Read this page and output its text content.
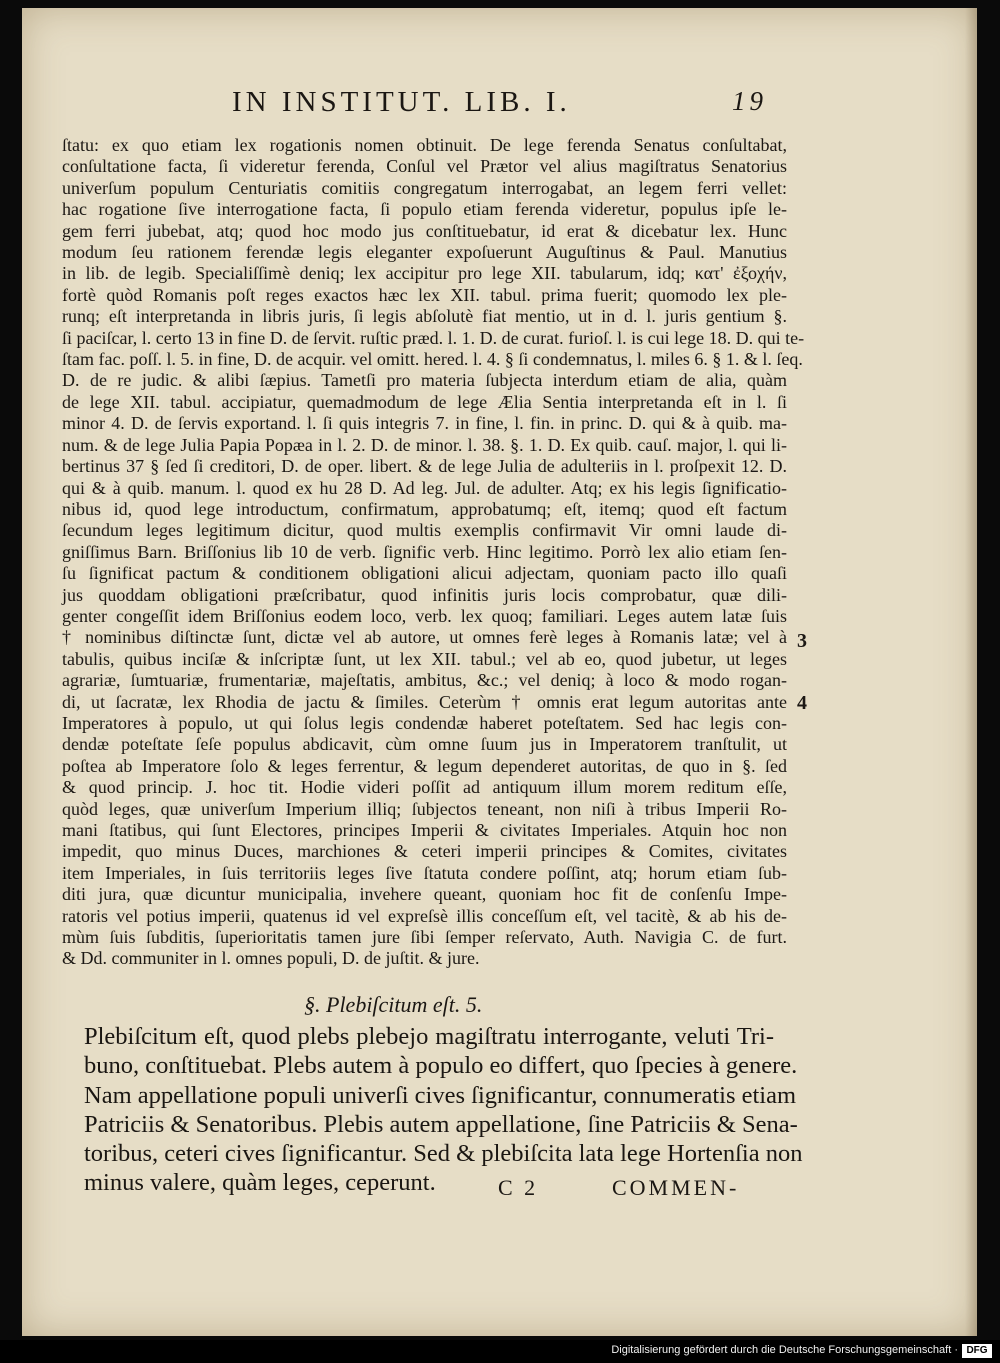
IN INSTITUT. LIB. I.	19

ſtatu: ex quo etiam lex rogationis nomen obtinuit. De lege ferenda Senatus conſultabat,

conſultatione facta, ſi videretur ferenda, Conſul vel Prætor vel alius magiſtratus Senatorius

univerſum populum Centuriatis comitiis congregatum interrogabat, an legem ferri vellet:

hac rogatione ſive interrogatione facta, ſi populo etiam ferenda videretur, populus ipſe le-

gem ferri jubebat, atq; quod hoc modo jus conſtituebatur, id erat & dicebatur lex. Hunc

modum ſeu rationem ferendæ legis eleganter expoſuerunt Auguſtinus & Paul. Manutius

in lib. de legib. Specialiſſimè deniq; lex accipitur pro lege XII. tabularum, idq; κατ' ἐξοχήν,

fortè quòd Romanis poſt reges exactos hæc lex XII. tabul. prima fuerit; quomodo lex ple-

runq; eſt interpretanda in libris juris, ſi legis abſolutè fiat mentio, ut in d. l. juris gentium §.

ſi paciſcar, l. certo 13 in fine D. de ſervit. ruſtic præd. l. 1. D. de curat. furioſ. l. is cui lege 18. D. qui te-

ſtam fac. poſſ. l. 5. in fine, D. de acquir. vel omitt. hered. l. 4. § ſi condemnatus, l. miles 6. § 1. & l. ſeq.

D. de re judic. & alibi ſæpius. Tametſi pro materia ſubjecta interdum etiam de alia, quàm

de lege XII. tabul. accipiatur, quemadmodum de lege Ælia Sentia interpretanda eſt in l. ſi

minor 4. D. de ſervis exportand. l. ſi quis integris 7. in fine, l. fin. in princ. D. qui & à quib. ma-

num. & de lege Julia Papia Popæa in l. 2. D. de minor. l. 38. §. 1. D. Ex quib. cauſ. major, l. qui li-

bertinus 37 § ſed ſi creditori, D. de oper. libert. & de lege Julia de adulteriis in l. proſpexit 12. D.

qui & à quib. manum. l. quod ex hu 28 D. Ad leg. Jul. de adulter. Atq; ex his legis ſignificatio-

nibus id, quod lege introductum, confirmatum, approbatumq; eſt, itemq; quod eſt factum

ſecundum leges legitimum dicitur, quod multis exemplis confirmavit Vir omni laude di-

gniſſimus Barn. Briſſonius lib 10 de verb. ſignific verb. Hinc legitimo. Porrò lex alio etiam ſen-

ſu ſignificat pactum & conditionem obligationi alicui adjectam, quoniam pacto illo quaſi

jus quoddam obligationi præſcribatur, quod infinitis juris locis comprobatur, quæ dili-

genter congeſſit idem Briſſonius eodem loco, verb. lex quoq; familiari. Leges autem latæ ſuis

† nominibus diſtinctæ ſunt, dictæ vel ab autore, ut omnes ferè leges à Romanis latæ; vel à

tabulis, quibus inciſæ & inſcriptæ ſunt, ut lex XII. tabul.; vel ab eo, quod jubetur, ut leges

agrariæ, ſumtuariæ, frumentariæ, majeſtatis, ambitus, &c.; vel deniq; à loco & modo rogan-

di, ut ſacratæ, lex Rhodia de jactu & ſimiles. Ceterùm † omnis erat legum autoritas ante

Imperatores à populo, ut qui ſolus legis condendæ haberet poteſtatem. Sed hac legis con-

dendæ poteſtate ſeſe populus abdicavit, cùm omne ſuum jus in Imperatorem tranſtulit, ut

poſtea ab Imperatore ſolo & leges ferrentur, & legum dependeret autoritas, de quo in §. ſed

& quod princip. J. hoc tit. Hodie videri poſſit ad antiquum illum morem reditum eſſe,

quòd leges, quæ univerſum Imperium illiq; ſubjectos teneant, non niſi à tribus Imperii Ro-

mani ſtatibus, qui ſunt Electores, principes Imperii & civitates Imperiales. Atquin hoc non

impedit, quo minus Duces, marchiones & ceteri imperii principes & Comites, civitates

item Imperiales, in ſuis territoriis leges ſive ſtatuta condere poſſint, atq; horum etiam ſub-

diti jura, quæ dicuntur municipalia, invehere queant, quoniam hoc fit de conſenſu Impe-

ratoris vel potius imperii, quatenus id vel expreſsè illis conceſſum eſt, vel tacitè, & ab his de-

mùm ſuis ſubditis, ſuperioritatis tamen jure ſibi ſemper reſervato, Auth. Navigia C. de furt.

& Dd. communiter in l. omnes populi, D. de juſtit. & jure.

3
4
§. Plebiſcitum eſt. 5.

Plebiſcitum eſt, quod plebs plebejo magiſtratu interrogante, veluti Tri-

buno, conſtituebat. Plebs autem à populo eo differt, quo ſpecies à genere.

Nam appellatione populi univerſi cives ſignificantur, connumeratis etiam

Patriciis & Senatoribus. Plebis autem appellatione, ſine Patriciis & Sena-

toribus, ceteri cives ſignificantur. Sed & plebiſcita lata lege Hortenſia non

minus valere, quàm leges, ceperunt.	C 2	COMMEN-
Digitalisierung gefördert durch die Deutsche Forschungsgemeinschaft · DFG
